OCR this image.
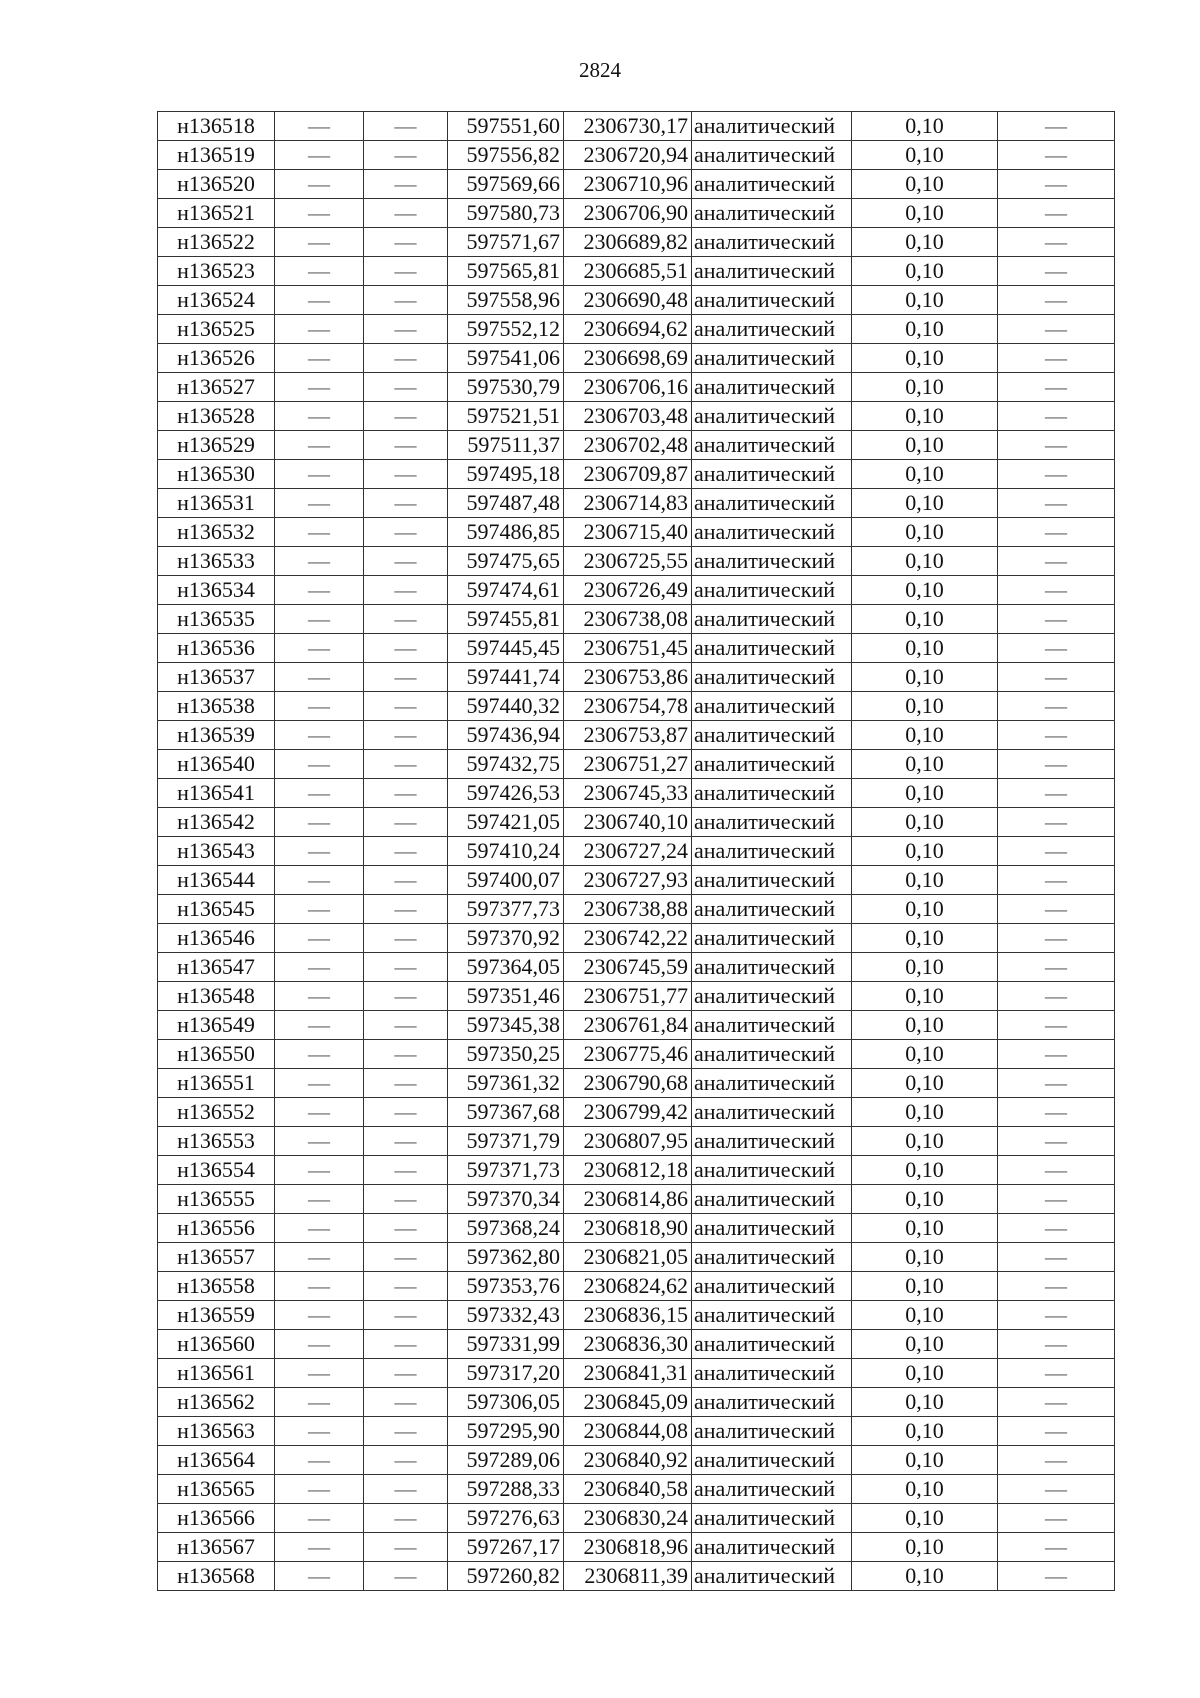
2824
н136518	—	—	597551,60	2306730,17	аналитический	0,10	—
н136519	—	—	597556,82	2306720,94	аналитический	0,10	—
н136520	—	—	597569,66	2306710,96	аналитический	0,10	—
н136521	—	—	597580,73	2306706,90	аналитический	0,10	—
н136522	—	—	597571,67	2306689,82	аналитический	0,10	—
н136523	—	—	597565,81	2306685,51	аналитический	0,10	—
н136524	—	—	597558,96	2306690,48	аналитический	0,10	—
н136525	—	—	597552,12	2306694,62	аналитический	0,10	—
н136526	—	—	597541,06	2306698,69	аналитический	0,10	—
н136527	—	—	597530,79	2306706,16	аналитический	0,10	—
н136528	—	—	597521,51	2306703,48	аналитический	0,10	—
н136529	—	—	597511,37	2306702,48	аналитический	0,10	—
н136530	—	—	597495,18	2306709,87	аналитический	0,10	—
н136531	—	—	597487,48	2306714,83	аналитический	0,10	—
н136532	—	—	597486,85	2306715,40	аналитический	0,10	—
н136533	—	—	597475,65	2306725,55	аналитический	0,10	—
н136534	—	—	597474,61	2306726,49	аналитический	0,10	—
н136535	—	—	597455,81	2306738,08	аналитический	0,10	—
н136536	—	—	597445,45	2306751,45	аналитический	0,10	—
н136537	—	—	597441,74	2306753,86	аналитический	0,10	—
н136538	—	—	597440,32	2306754,78	аналитический	0,10	—
н136539	—	—	597436,94	2306753,87	аналитический	0,10	—
н136540	—	—	597432,75	2306751,27	аналитический	0,10	—
н136541	—	—	597426,53	2306745,33	аналитический	0,10	—
н136542	—	—	597421,05	2306740,10	аналитический	0,10	—
н136543	—	—	597410,24	2306727,24	аналитический	0,10	—
н136544	—	—	597400,07	2306727,93	аналитический	0,10	—
н136545	—	—	597377,73	2306738,88	аналитический	0,10	—
н136546	—	—	597370,92	2306742,22	аналитический	0,10	—
н136547	—	—	597364,05	2306745,59	аналитический	0,10	—
н136548	—	—	597351,46	2306751,77	аналитический	0,10	—
н136549	—	—	597345,38	2306761,84	аналитический	0,10	—
н136550	—	—	597350,25	2306775,46	аналитический	0,10	—
н136551	—	—	597361,32	2306790,68	аналитический	0,10	—
н136552	—	—	597367,68	2306799,42	аналитический	0,10	—
н136553	—	—	597371,79	2306807,95	аналитический	0,10	—
н136554	—	—	597371,73	2306812,18	аналитический	0,10	—
н136555	—	—	597370,34	2306814,86	аналитический	0,10	—
н136556	—	—	597368,24	2306818,90	аналитический	0,10	—
н136557	—	—	597362,80	2306821,05	аналитический	0,10	—
н136558	—	—	597353,76	2306824,62	аналитический	0,10	—
н136559	—	—	597332,43	2306836,15	аналитический	0,10	—
н136560	—	—	597331,99	2306836,30	аналитический	0,10	—
н136561	—	—	597317,20	2306841,31	аналитический	0,10	—
н136562	—	—	597306,05	2306845,09	аналитический	0,10	—
н136563	—	—	597295,90	2306844,08	аналитический	0,10	—
н136564	—	—	597289,06	2306840,92	аналитический	0,10	—
н136565	—	—	597288,33	2306840,58	аналитический	0,10	—
н136566	—	—	597276,63	2306830,24	аналитический	0,10	—
н136567	—	—	597267,17	2306818,96	аналитический	0,10	—
н136568	—	—	597260,82	2306811,39	аналитический	0,10	—
